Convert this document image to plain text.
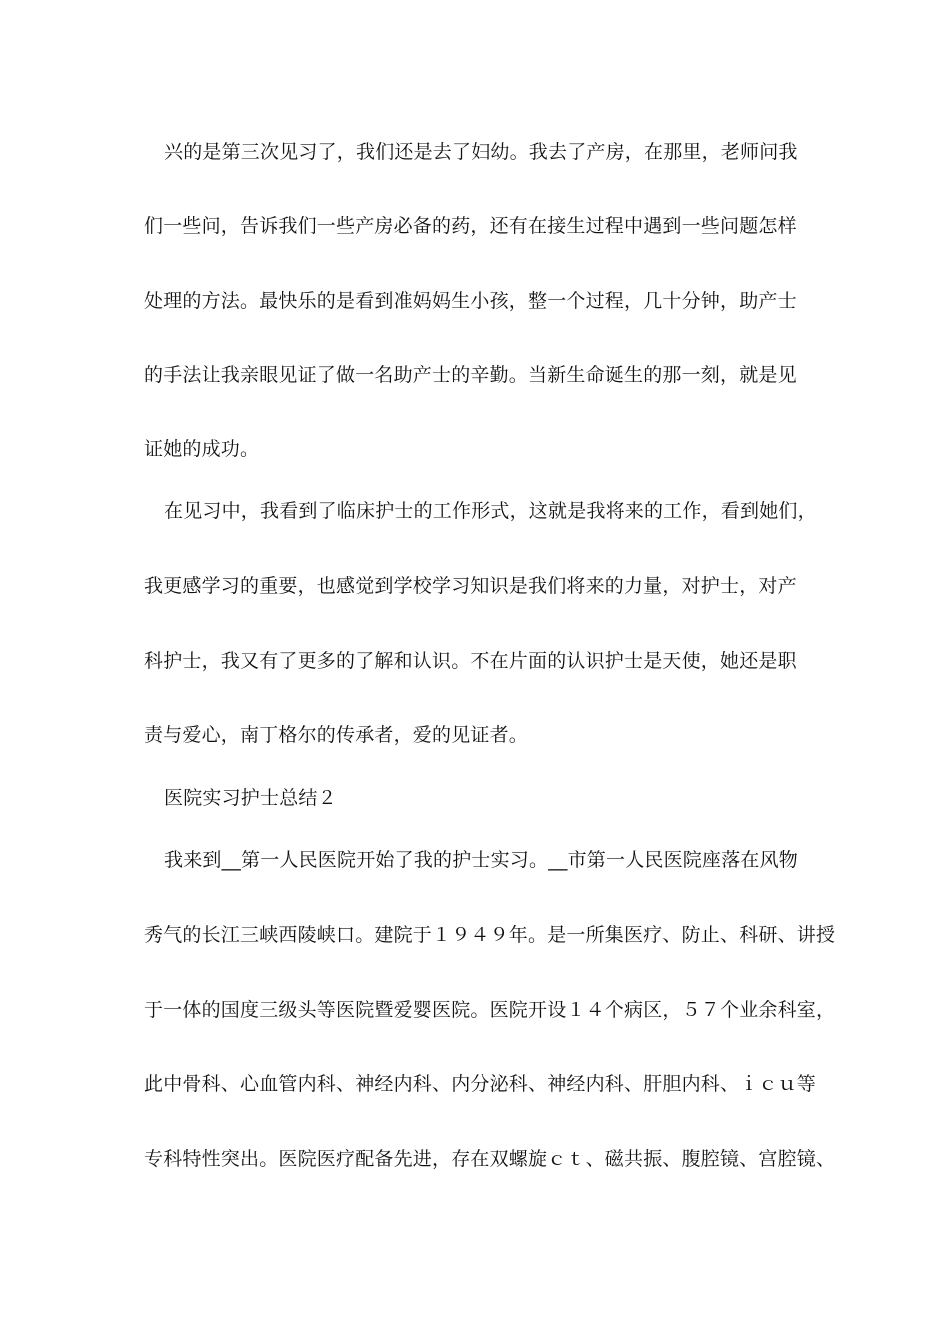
兴的是第三次见习了，我们还是去了妇幼。我去了产房，在那里，老师问我
们一些问，告诉我们一些产房必备的药，还有在接生过程中遇到一些问题怎样
处理的方法。最快乐的是看到准妈妈生小孩，整一个过程，几十分钟，助产士
的手法让我亲眼见证了做一名助产士的辛勤。当新生命诞生的那一刻，就是见
证她的成功。
在见习中，我看到了临床护士的工作形式，这就是我将来的工作，看到她们，
我更感学习的重要，也感觉到学校学习知识是我们将来的力量，对护士，对产
科护士，我又有了更多的了解和认识。不在片面的认识护士是天使，她还是职
责与爱心，南丁格尔的传承者，爱的见证者。
医院实习护士总结２
我来到__第一人民医院开始了我的护士实习。__市第一人民医院座落在风物
秀气的长江三峡西陵峡口。建院于１９４９年。是一所集医疗、防止、科研、讲授
于一体的国度三级头等医院暨爱婴医院。医院开设１４个病区，５７个业余科室，
此中骨科、心血管内科、神经内科、内分泌科、神经内科、肝胆内科、ｉｃｕ等
专科特性突出。医院医疗配备先进，存在双螺旋ｃｔ、磁共振、腹腔镜、宫腔镜、
